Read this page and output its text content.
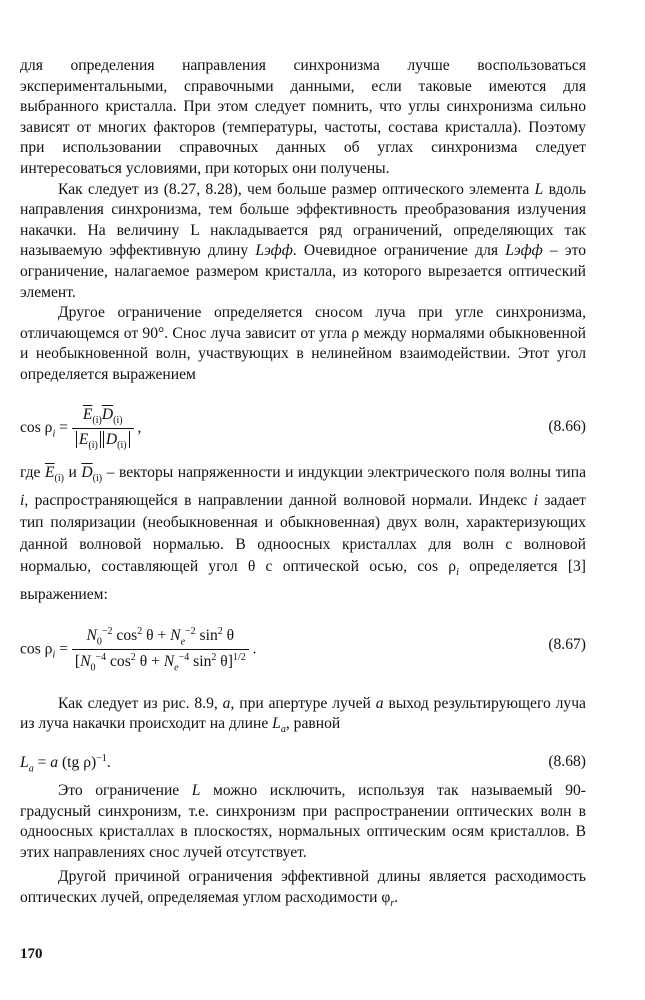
для определения направления синхронизма лучше воспользоваться экспериментальными, справочными данными, если таковые имеются для выбранного кристалла. При этом следует помнить, что углы синхронизма сильно зависят от многих факторов (температуры, частоты, состава кристалла). Поэтому при использовании справочных данных об углах синхронизма следует интересоваться условиями, при которых они получены.

Как следует из (8.27, 8.28), чем больше размер оптического элемента L вдоль направления синхронизма, тем больше эффективность преобразования излучения накачки. На величину L накладывается ряд ограничений, определяющих так называемую эффективную длину Lэфф. Очевидное ограничение для Lэфф – это ограничение, налагаемое размером кристалла, из которого вырезается оптический элемент.

Другое ограничение определяется сносом луча при угле синхронизма, отличающемся от 90°. Снос луча зависит от угла ρ между нормалями обыкновенной и необыкновенной волн, участвующих в нелинейном взаимодействии. Этот угол определяется выражением

$\cos \rho_i = \frac{\overline{E}_{(i)}\overline{D}_{(i)}}{E_{(i)} D_{(i)}}$ ,	(8.66)

где $\overline{E}_{(i)}$ и $\overline{D}_{(i)}$ – векторы напряженности и индукции электрического поля волны типа i, распространяющейся в направлении данной волновой нормали. Индекс i задает тип поляризации (необыкновенная и обыкновенная) двух волн, характеризующих данной волновой нормалью. В одноосных кристаллах для волн с волновой нормалью, составляющей угол θ с оптической осью, $\cos \rho_i$ определяется [3] выражением:

$\cos \rho_i = \frac{N_0^{-2} \cos^2 \theta + N_e^{-2} \sin^2 \theta}{[N_0^{-4} \cos^2 \theta + N_e^{-4} \sin^2 \theta]^{1/2}}$ .	(8.67)

Как следует из рис. 8.9, а, при апертуре лучей а выход результирующего луча из луча накачки происходит на длине $L_a$, равной

$L_a = a$ (tg ρ)$^{-1}$.	(8.68)

Это ограничение L можно исключить, используя так называемый 90-градусный синхронизм, т.е. синхронизм при распространении оптических волн в одноосных кристаллах в плоскостях, нормальных оптическим осям кристаллов. В этих направлениях снос лучей отсутствует.

Другой причиной ограничения эффективной длины является расходимость оптических лучей, определяемая углом расходимости $\varphi_r$.

170
